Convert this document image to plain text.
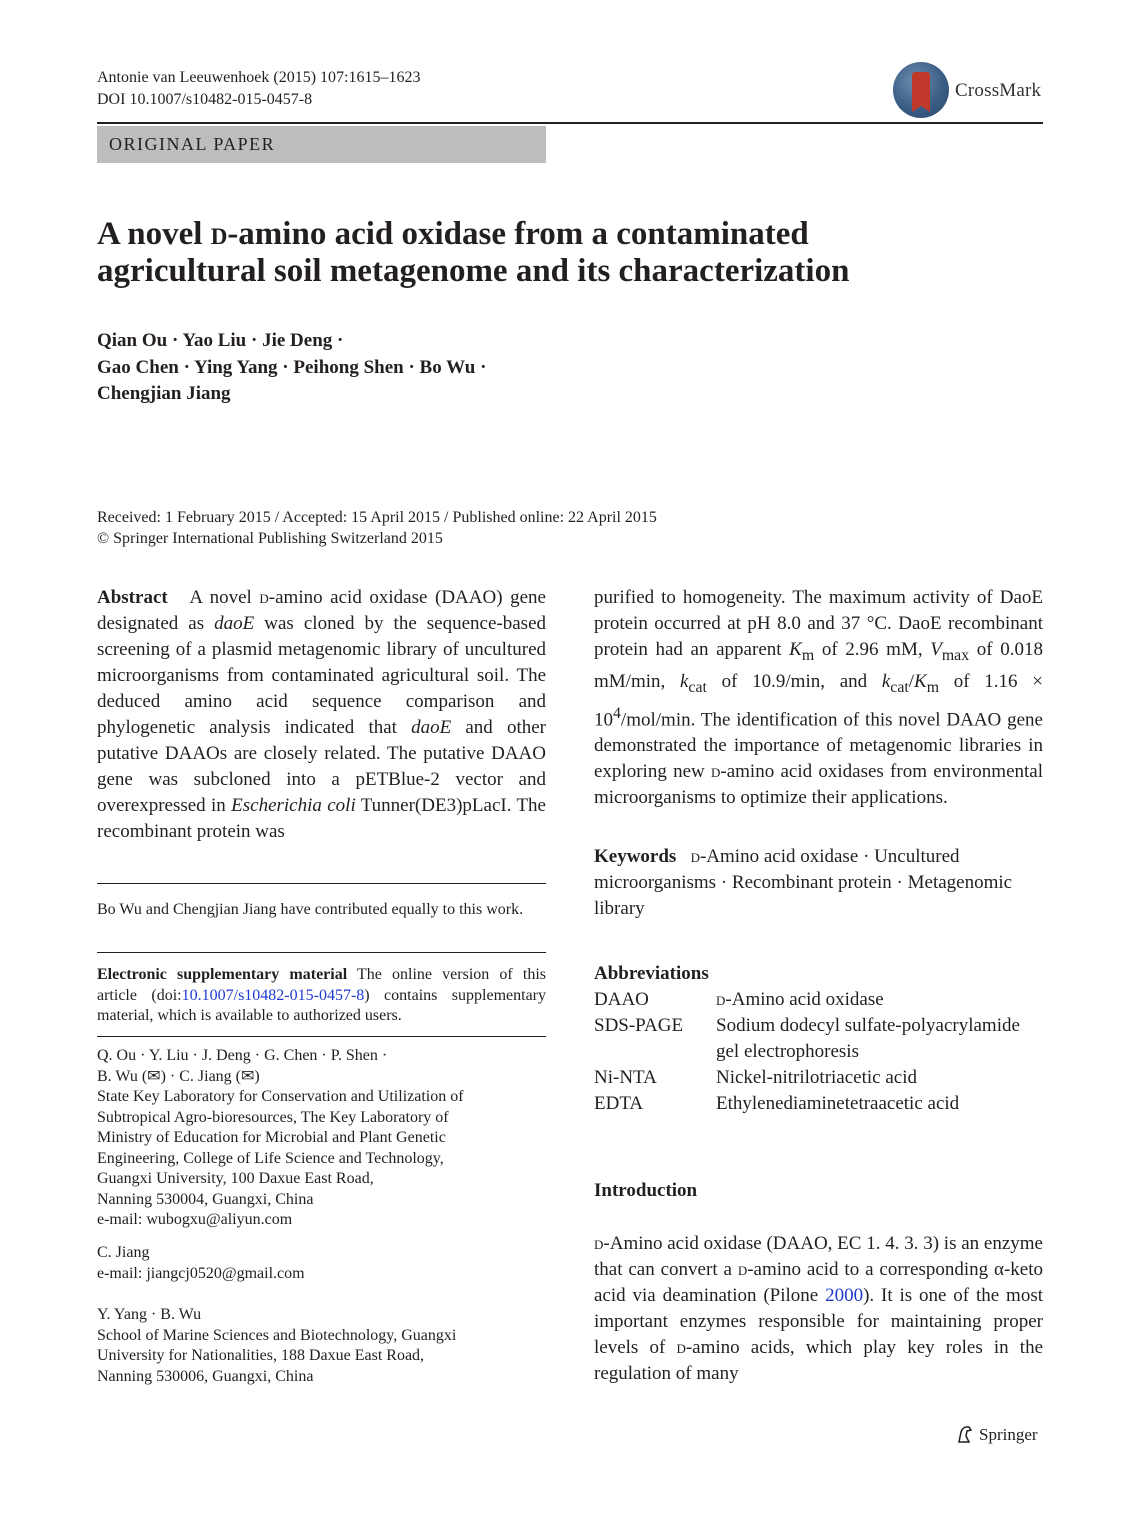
Antonie van Leeuwenhoek (2015) 107:1615–1623
DOI 10.1007/s10482-015-0457-8	CrossMark
ORIGINAL PAPER
A novel d-amino acid oxidase from a contaminated
agricultural soil metagenome and its characterization
Qian Ou · Yao Liu · Jie Deng ·
Gao Chen · Ying Yang · Peihong Shen · Bo Wu ·
Chengjian Jiang
Received: 1 February 2015 / Accepted: 15 April 2015 / Published online: 22 April 2015
© Springer International Publishing Switzerland 2015
Abstract A novel d-amino acid oxidase (DAAO) gene designated as daoE was cloned by the sequence-based screening of a plasmid metagenomic library of uncultured microorganisms from contaminated agricultural soil. The deduced amino acid sequence comparison and phylogenetic analysis indicated that daoE and other putative DAAOs are closely related. The putative DAAO gene was subcloned into a pETBlue-2 vector and overexpressed in Escherichia coli Tunner(DE3)pLacI. The recombinant protein was
purified to homogeneity. The maximum activity of DaoE protein occurred at pH 8.0 and 37 °C. DaoE recombinant protein had an apparent $K_m$ of 2.96 mM, $V_{max}$ of 0.018 mM/min, $k_{cat}$ of 10.9/min, and $k_{cat}/K_m$ of $1.16 \times 10^4/mol/\min$. The identification of this novel DAAO gene demonstrated the importance of metagenomic libraries in exploring new d-amino acid oxidases from environmental microorganisms to optimize their applications.
Bo Wu and Chengjian Jiang have contributed equally to this work.
Electronic supplementary material The online version of this article (doi:10.1007/s10482-015-0457-8) contains supplementary material, which is available to authorized users.
Q. Ou · Y. Liu · J. Deng · G. Chen · P. Shen ·
B. Wu (✉) · C. Jiang (✉)
State Key Laboratory for Conservation and Utilization of
Subtropical Agro-bioresources, The Key Laboratory of
Ministry of Education for Microbial and Plant Genetic
Engineering, College of Life Science and Technology,
Guangxi University, 100 Daxue East Road,
Nanning 530004, Guangxi, China
e-mail: wubogxu@aliyun.com
C. Jiang
e-mail: jiangcj0520@gmail.com
Y. Yang · B. Wu
School of Marine Sciences and Biotechnology, Guangxi
University for Nationalities, 188 Daxue East Road,
Nanning 530006, Guangxi, China
Keywords d-Amino acid oxidase · Uncultured microorganisms · Recombinant protein · Metagenomic library
Abbreviations
DAAO	d-Amino acid oxidase
SDS-PAGE	Sodium dodecyl sulfate-polyacrylamide gel electrophoresis
Ni-NTA	Nickel-nitrilotriacetic acid
EDTA	Ethylenediaminetetraacetic acid
Introduction
d-Amino acid oxidase (DAAO, EC 1. 4. 3. 3) is an enzyme that can convert a d-amino acid to a corresponding α-keto acid via deamination (Pilone 2000). It is one of the most important enzymes responsible for maintaining proper levels of d-amino acids, which play key roles in the regulation of many
Springer
